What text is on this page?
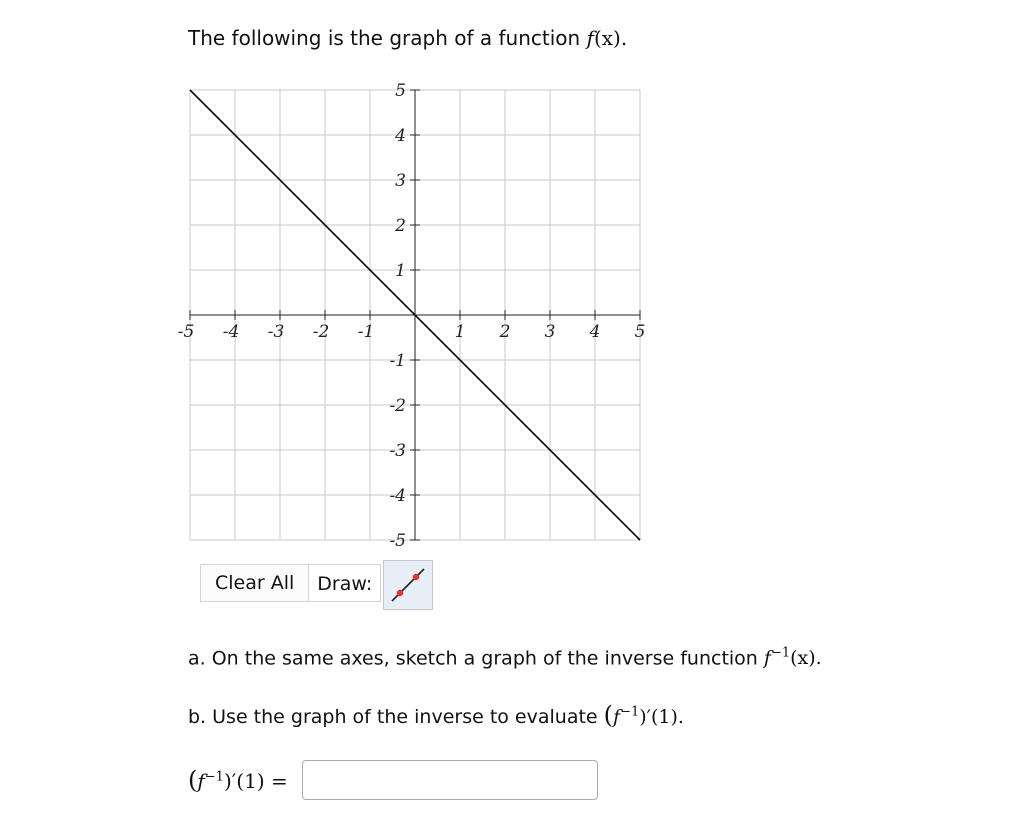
The following is the graph of a function f(x).
-5 -4 -3 -2 -1	1 2 3 4 5
5
4
3
2
1
-1
-2
-3
-4
-5
Clear All	Draw:
a. On the same axes, sketch a graph of the inverse function $f^{-1}(x)$.
b. Use the graph of the inverse to evaluate $(f^{-1})'(1)$.
$(f^{-1})'(1)$ =
